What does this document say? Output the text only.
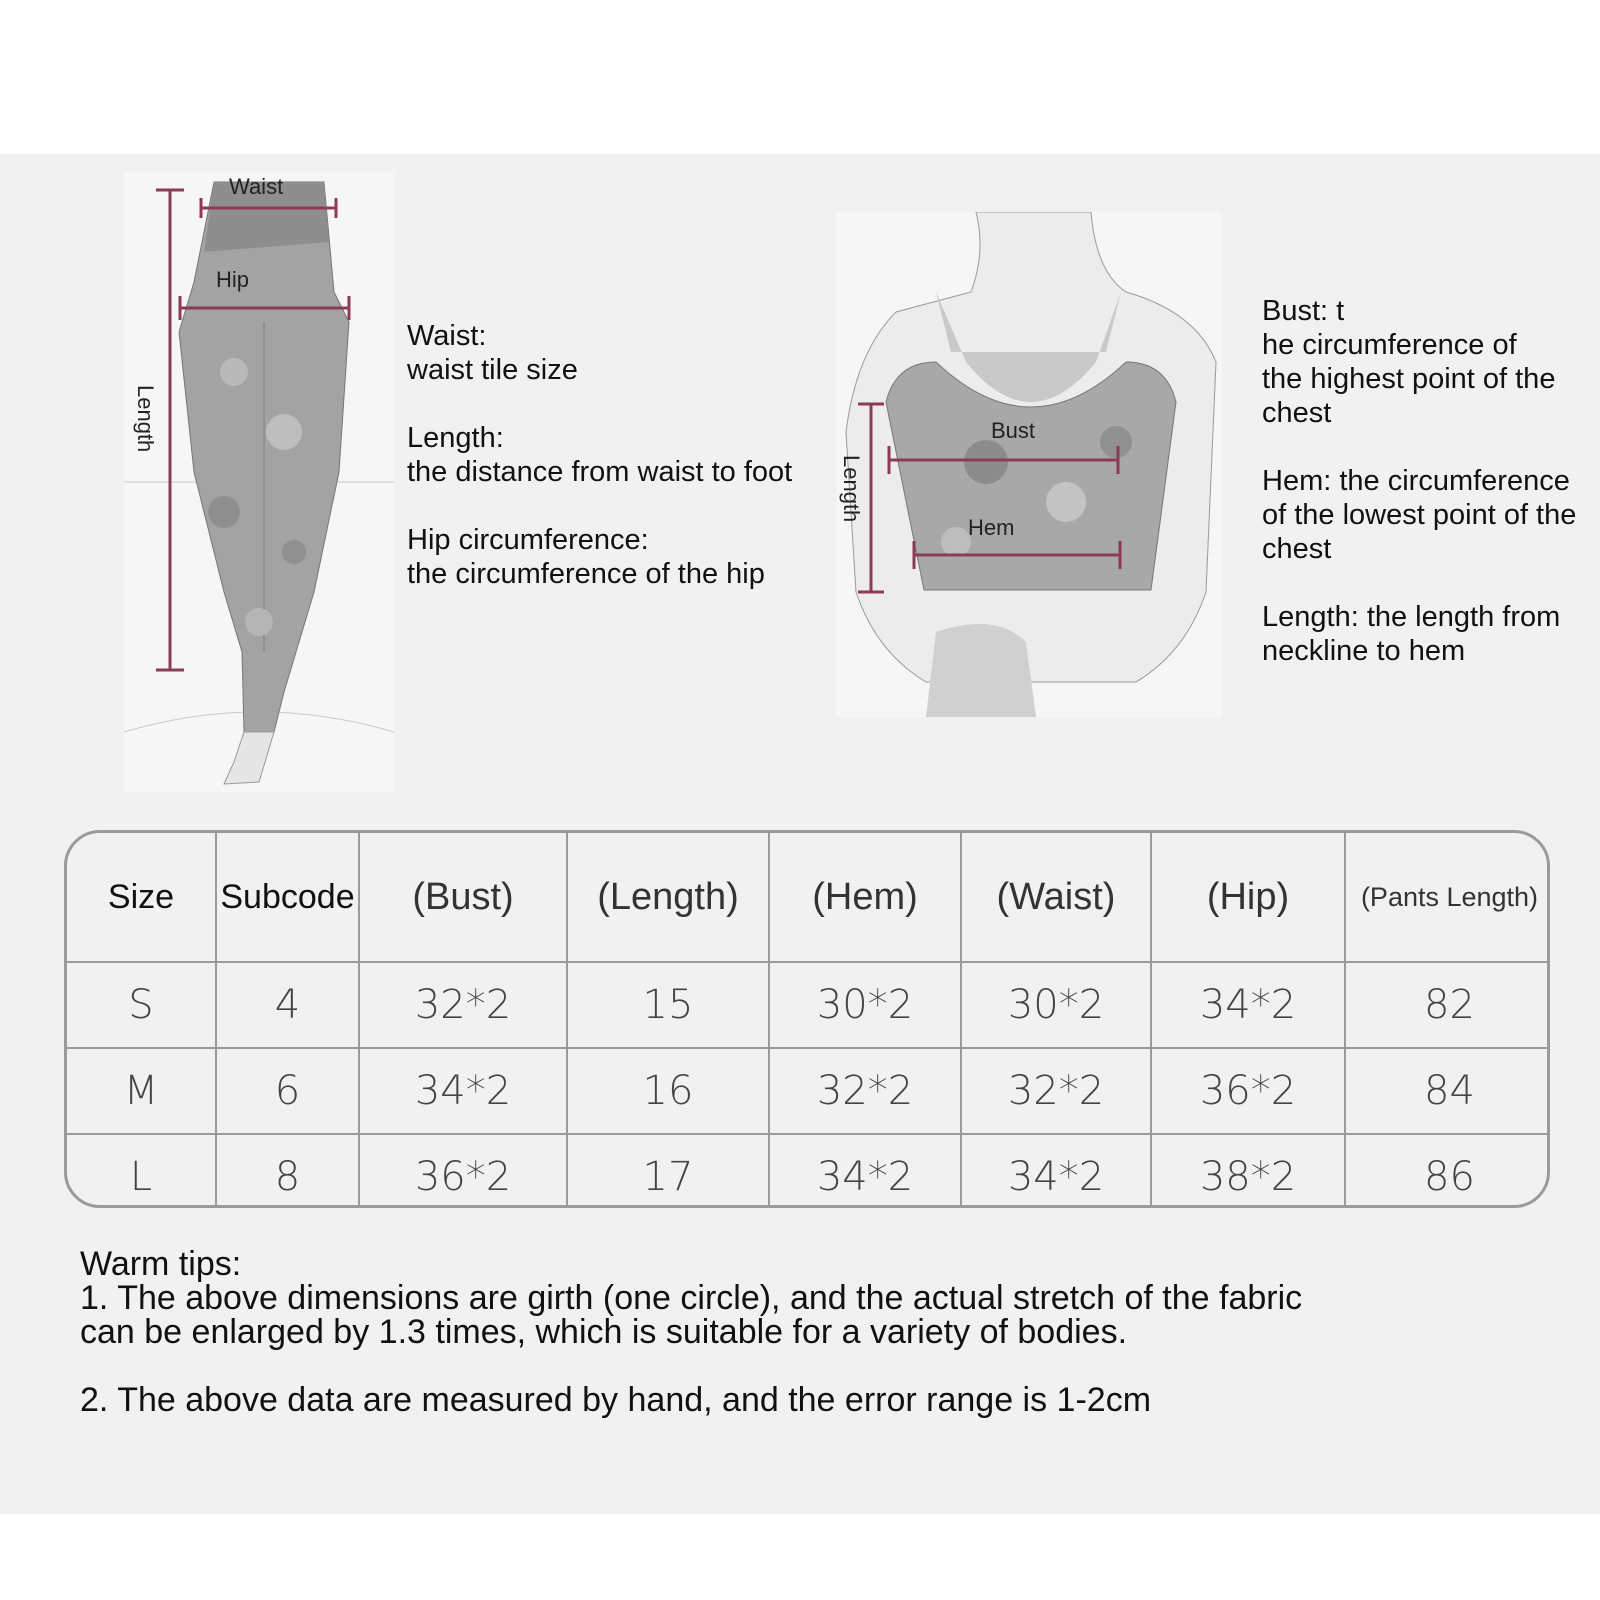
Waist
Hip
Length

Waist:
waist tile size

Length:
the distance from waist to foot

Hip circumference:
the circumference of the hip

Bust
Hem
Length

Bust: t
he circumference of
the highest point of the
chest

Hem: the circumference
of the lowest point of the
chest

Length: the length from
neckline to hem

Size	Subcode	(Bust)	(Length)	(Hem)	(Waist)	(Hip)	(Pants Length)
S	4	32*2	15	30*2	30*2	34*2	82
M	6	34*2	16	32*2	32*2	36*2	84
L	8	36*2	17	34*2	34*2	38*2	86
Warm tips:
1. The above dimensions are girth (one circle), and the actual stretch of the fabric
can be enlarged by 1.3 times, which is suitable for a variety of bodies.
2. The above data are measured by hand, and the error range is 1-2cm
